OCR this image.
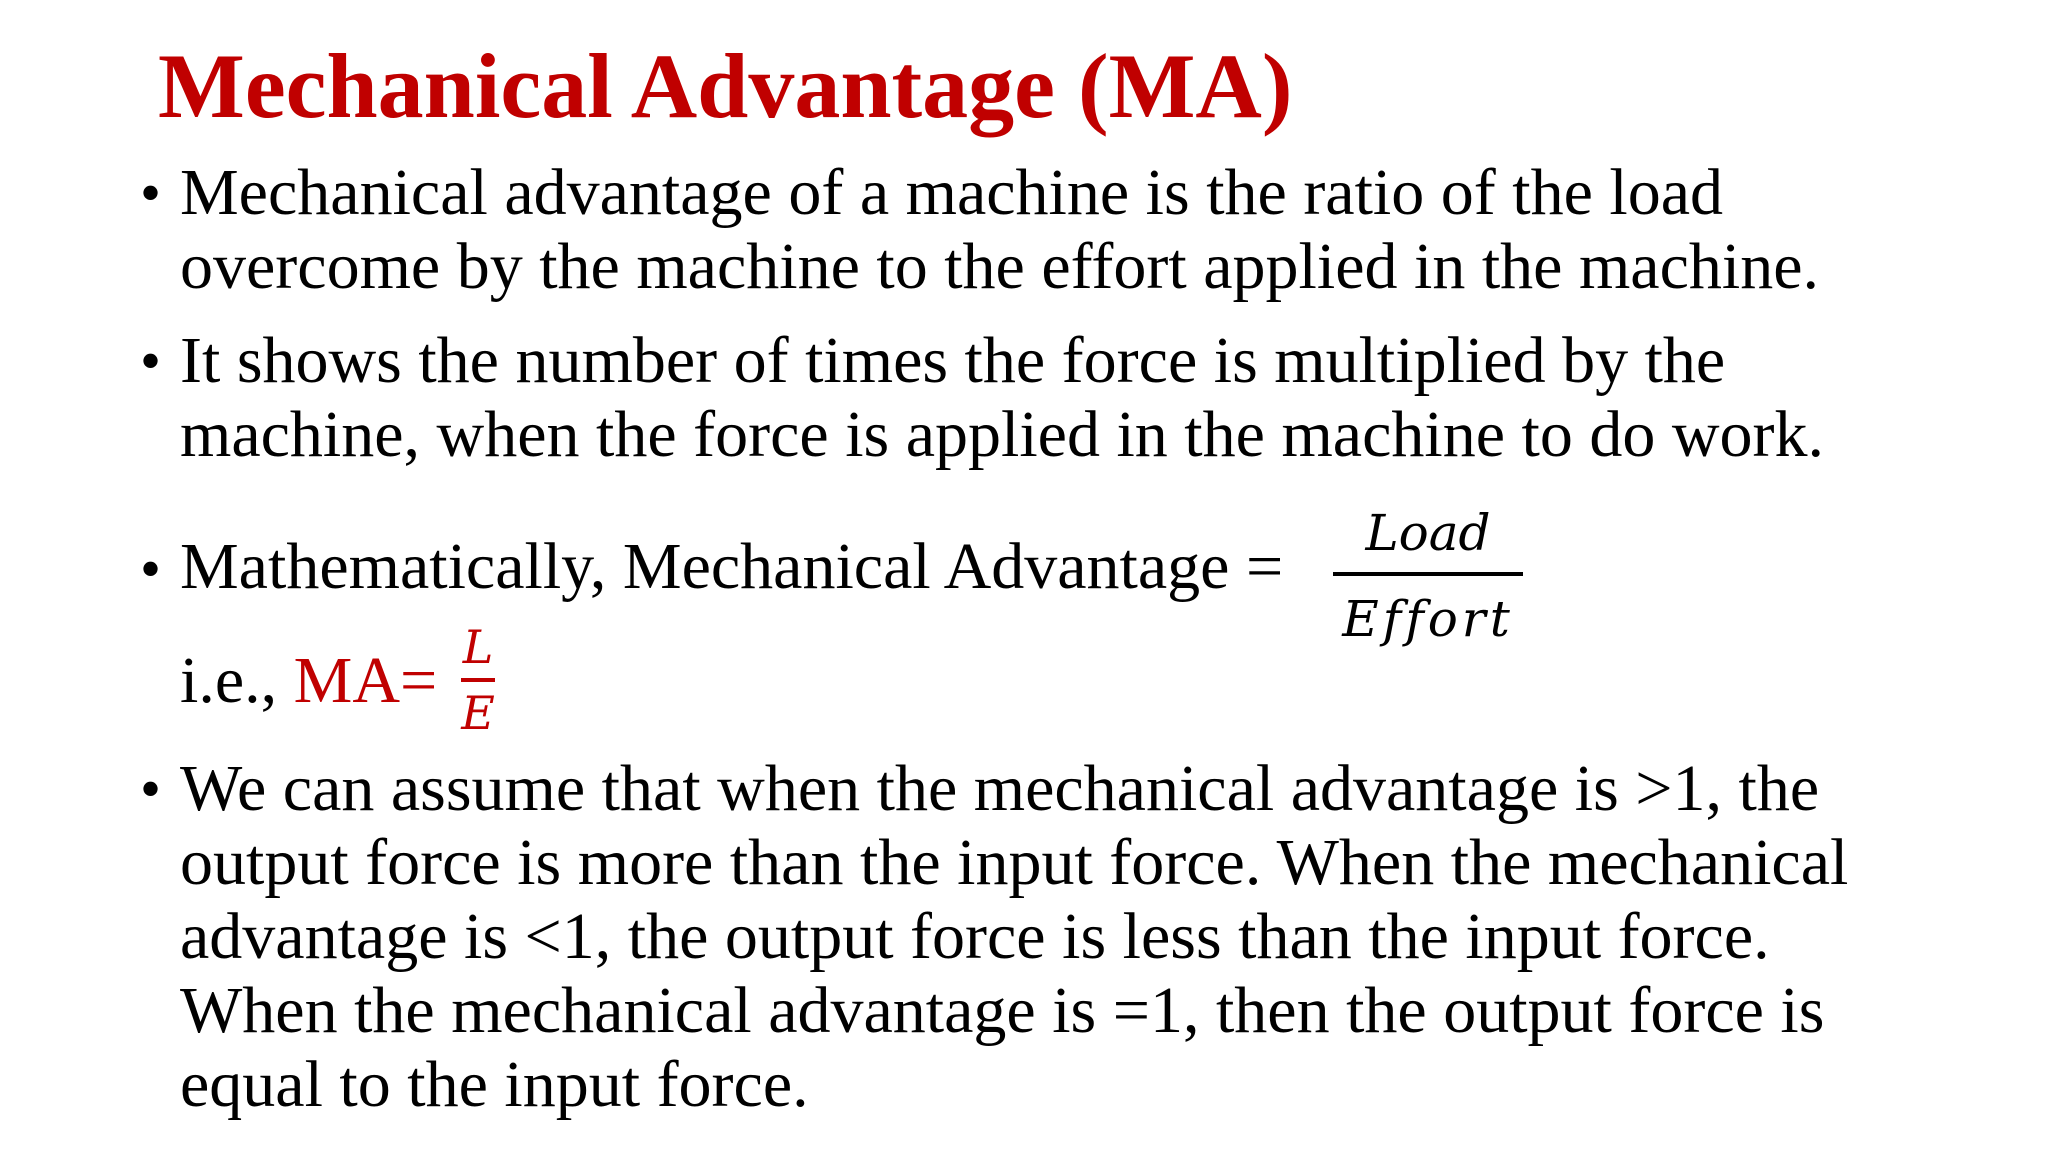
Mechanical Advantage (MA)
• Mechanical advantage of a machine is the ratio of the load
overcome by the machine to the effort applied in the machine.
• It shows the number of times the force is multiplied by the
machine, when the force is applied in the machine to do work.
• Mathematically, Mechanical Advantage =	Load
Effort
i.e., MA= L
E
• We can assume that when the mechanical advantage is >1, the
output force is more than the input force. When the mechanical
advantage is <1, the output force is less than the input force.
When the mechanical advantage is =1, then the output force is
equal to the input force.
